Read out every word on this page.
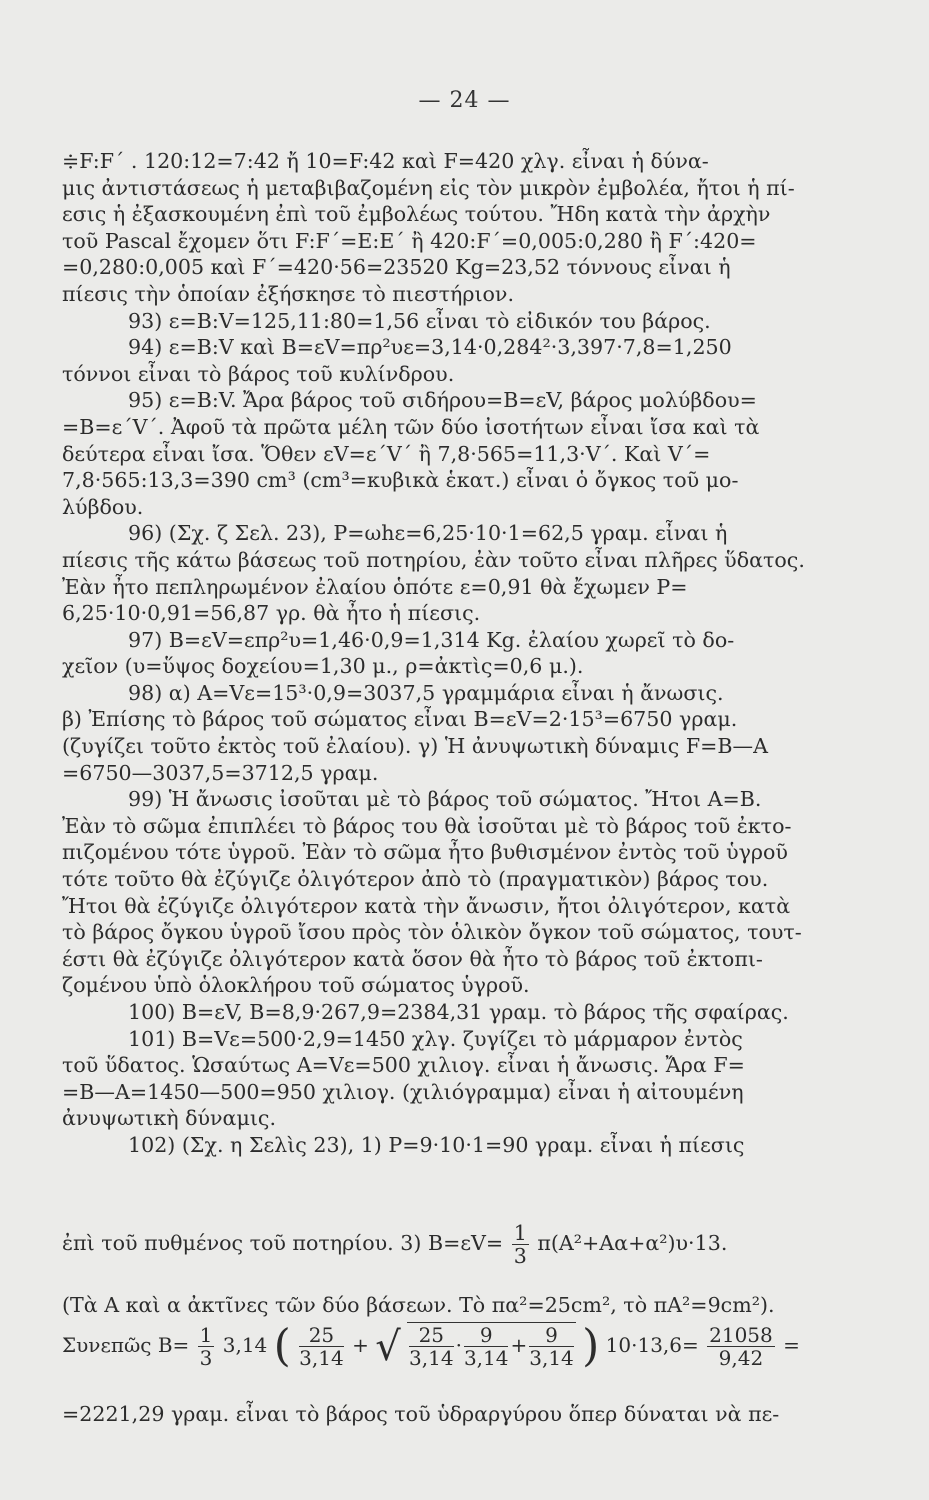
— 24 —
≑F:F΄ . 120:12=7:42 ἤ 10=F:42 καὶ F=420 χλγ. εἶναι ἡ δύνα-
μις ἀντιστάσεως ἡ μεταβιβαζομένη εἰς τὸν μικρὸν ἐμβολέα, ἤτοι ἡ πί-
εσις ἡ ἐξασκουμένη ἐπὶ τοῦ ἐμβολέως τούτου. Ἤδη κατὰ τὴν ἀρχὴν
τοῦ Pascal ἔχομεν ὅτι F:F΄=E:E΄ ἢ 420:F΄=0,005:0,280 ἢ F΄:420=
=0,280:0,005 καὶ F΄=420·56=23520 Kg=23,52 τόννους εἶναι ἡ
πίεσις τὴν ὁποίαν ἐξήσκησε τὸ πιεστήριον.
93) ε=B:V=125,11:80=1,56 εἶναι τὸ εἰδικόν του βάρος.
94) ε=B:V καὶ B=εV=πρ²υε=3,14·0,284²·3,397·7,8=1,250
τόννοι εἶναι τὸ βάρος τοῦ κυλίνδρου.
95) ε=B:V. Ἄρα βάρος τοῦ σιδήρου=B=εV, βάρος μολύβδου=
=B=ε΄V΄. Ἀφοῦ τὰ πρῶτα μέλη τῶν δύο ἰσοτήτων εἶναι ἴσα καὶ τὰ
δεύτερα εἶναι ἴσα. Ὅθεν εV=ε΄V΄ ἢ 7,8·565=11,3·V΄. Καὶ V΄=
7,8·565:13,3=390 cm³ (cm³=κυβικὰ ἑκατ.) εἶναι ὁ ὄγκος τοῦ μο-
λύβδου.
96) (Σχ. ζ Σελ. 23), P=ωhε=6,25·10·1=62,5 γραμ. εἶναι ἡ
πίεσις τῆς κάτω βάσεως τοῦ ποτηρίου, ἐὰν τοῦτο εἶναι πλῆρες ὕδατος.
Ἐὰν ἦτο πεπληρωμένον ἐλαίου ὁπότε ε=0,91 θὰ ἔχωμεν P=
6,25·10·0,91=56,87 γρ. θὰ ἦτο ἡ πίεσις.
97) B=εV=επρ²υ=1,46·0,9=1,314 Kg. ἐλαίου χωρεῖ τὸ δο-
χεῖον (υ=ὕψος δοχείου=1,30 μ., ρ=ἀκτὶς=0,6 μ.).
98) α) A=Vε=15³·0,9=3037,5 γραμμάρια εἶναι ἡ ἄνωσις.
β) Ἐπίσης τὸ βάρος τοῦ σώματος εἶναι B=εV=2·15³=6750 γραμ.
(ζυγίζει τοῦτο ἐκτὸς τοῦ ἐλαίου). γ) Ἡ ἀνυψωτικὴ δύναμις F=B—A
=6750—3037,5=3712,5 γραμ.
99) Ἡ ἄνωσις ἰσοῦται μὲ τὸ βάρος τοῦ σώματος. Ἤτοι A=B.
Ἐὰν τὸ σῶμα ἐπιπλέει τὸ βάρος του θὰ ἰσοῦται μὲ τὸ βάρος τοῦ ἐκτο-
πιζομένου τότε ὑγροῦ. Ἐὰν τὸ σῶμα ἦτο βυθισμένον ἐντὸς τοῦ ὑγροῦ
τότε τοῦτο θὰ ἐζύγιζε ὀλιγότερον ἀπὸ τὸ (πραγματικὸν) βάρος του.
Ἤτοι θὰ ἐζύγιζε ὀλιγότερον κατὰ τὴν ἄνωσιν, ἤτοι ὀλιγότερον, κατὰ
τὸ βάρος ὄγκου ὑγροῦ ἴσου πρὸς τὸν ὁλικὸν ὄγκον τοῦ σώματος, τουτ-
έστι θὰ ἐζύγιζε ὀλιγότερον κατὰ ὅσον θὰ ἦτο τὸ βάρος τοῦ ἐκτοπι-
ζομένου ὑπὸ ὁλοκλήρου τοῦ σώματος ὑγροῦ.
100) B=εV, B=8,9·267,9=2384,31 γραμ. τὸ βάρος τῆς σφαίρας.
101) B=Vε=500·2,9=1450 χλγ. ζυγίζει τὸ μάρμαρον ἐντὸς
τοῦ ὕδατος. Ὡσαύτως A=Vε=500 χιλιογ. εἶναι ἡ ἄνωσις. Ἄρα F=
=B—A=1450—500=950 χιλιογ. (χιλιόγραμμα) εἶναι ἡ αἰτουμένη
ἀνυψωτικὴ δύναμις.
102) (Σχ. η Σελὶς 23), 1) P=9·10·1=90 γραμ. εἶναι ἡ πίεσις
ἐπὶ τοῦ πυθμένος τοῦ ποτηρίου. 3) $B=\varepsilon V= \frac{1}{3} \pi(A^2+A\alpha+\alpha^2)\upsilon\cdot 13$.
(Τὰ A καὶ α ἀκτῖνες τῶν δύο βάσεων. Τὸ πα²=25cm², τὸ πA²=9cm²).
Συνεπῶς $B= \frac{1}{3} 3,14$ ( $\frac{25}{3,14}$ + √ $\frac{25}{3,14} \cdot \frac{9}{3,14} + \frac{9}{3,14}$ ) $10\cdot 13,6= \frac{21058}{9,42}$ =
=2221,29 γραμ. εἶναι τὸ βάρος τοῦ ὑδραργύρου ὅπερ δύναται νὰ πε-
